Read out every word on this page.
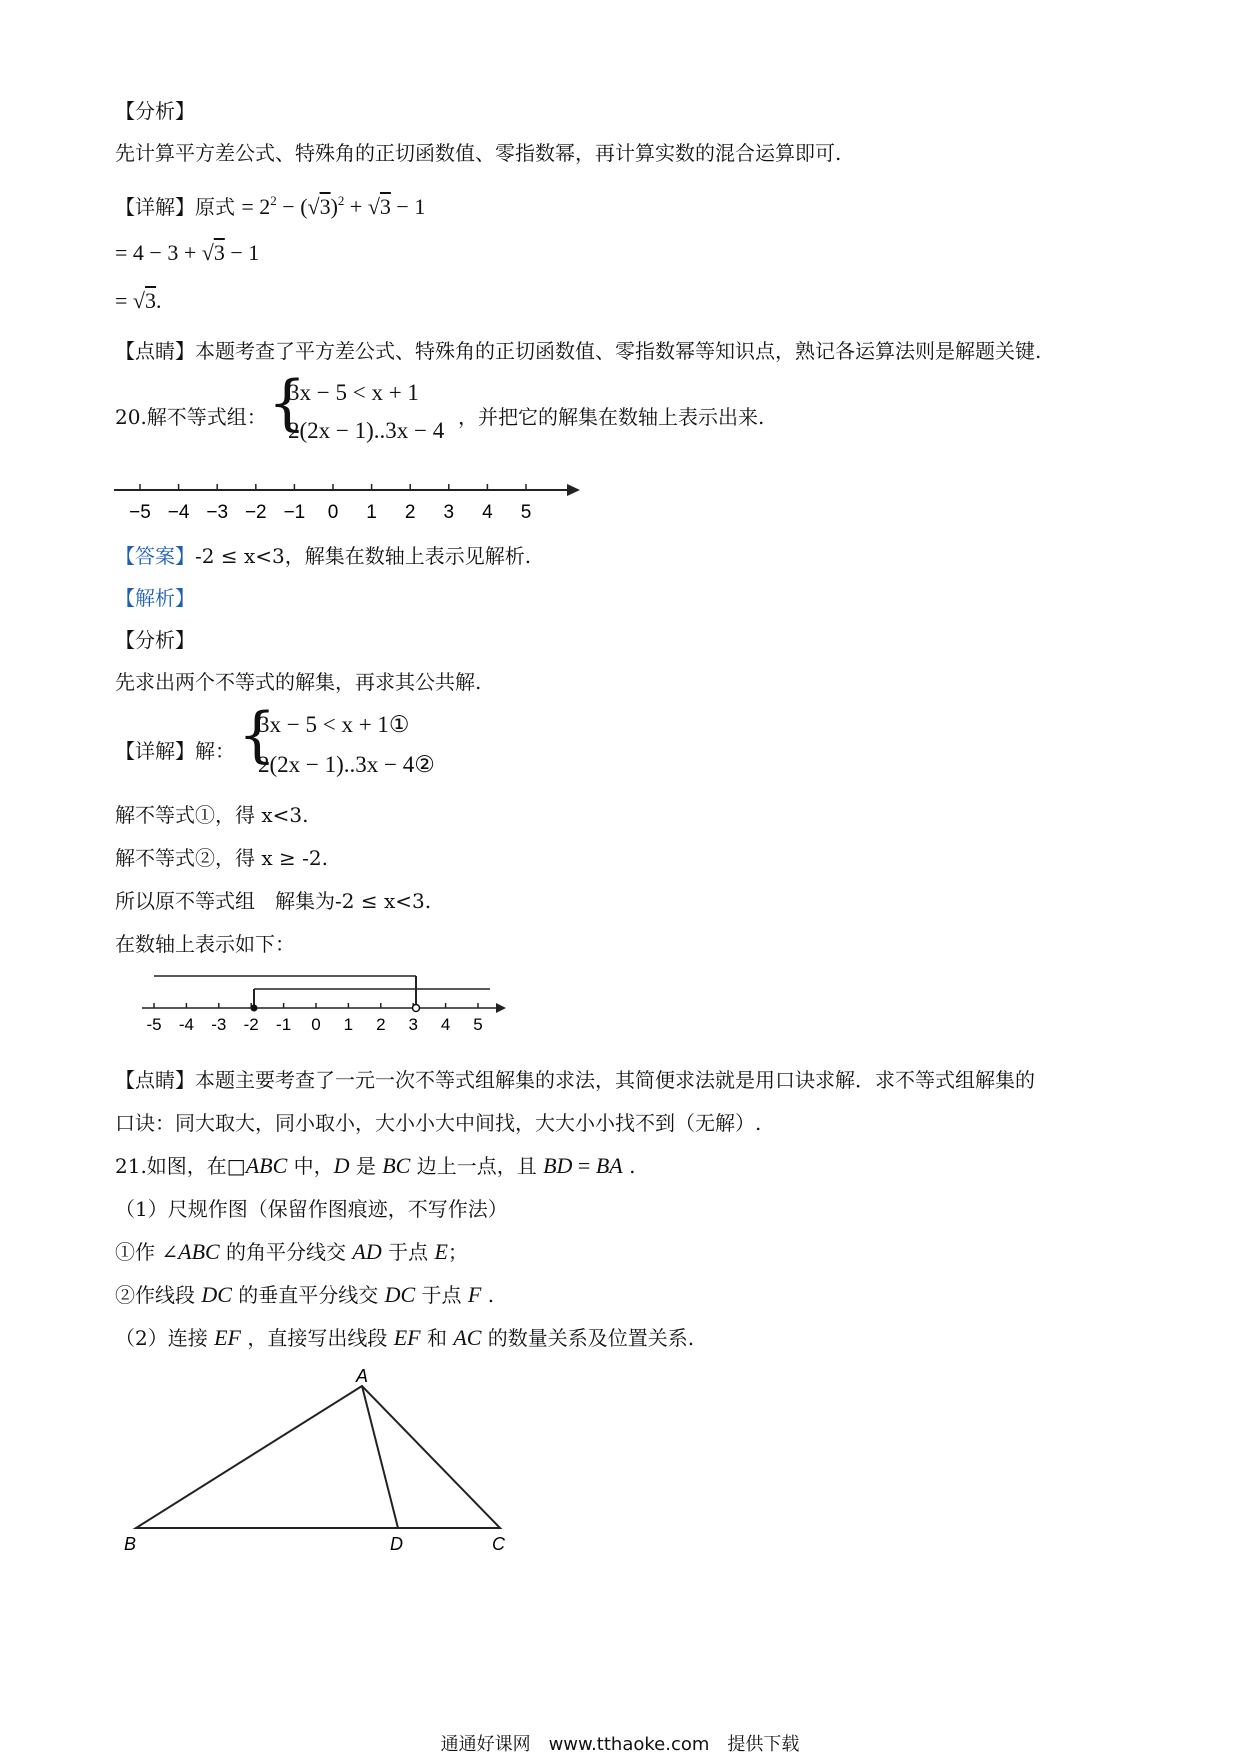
【分析】
先计算平方差公式、特殊角的正切函数值、零指数幂，再计算实数的混合运算即可.
【详解】原式 = $2^2 - (√3)^2 + √3 - 1$
= 4 − 3 + √3 − 1
= √3.
【点睛】本题考查了平方差公式、特殊角的正切函数值、零指数幂等知识点，熟记各运算法则是解题关键.
20.解不等式组： {
3x − 5 < x + 1
2(2x − 1)..3x − 4
，并把它的解集在数轴上表示出来.
−5 −4 −3 −2 −1 0 1 2 3 4 5
【答案】-2 ≤ x<3，解集在数轴上表示见解析.
【解析】
【分析】
先求出两个不等式的解集，再求其公共解.
【详解】解： {
3x − 5 < x + 1①
2(2x − 1)..3x − 4②
解不等式①，得 x<3.
解不等式②，得 x ≥ -2.
所以原不等式组　解集为-2 ≤ x<3.
在数轴上表示如下：
-5 -4 -3 -2 -1 0 1 2 3 4 5
【点睛】本题主要考查了一元一次不等式组解集的求法，其简便求法就是用口诀求解．求不等式组解集的
口诀：同大取大，同小取小，大小小大中间找，大大小小找不到（无解）.
21.如图，在□ABC 中，D 是 BC 边上一点，且 BD = BA .
（1）尺规作图（保留作图痕迹，不写作法）
①作 ∠ABC 的角平分线交 AD 于点 E；
②作线段 DC 的垂直平分线交 DC 于点 F .
（2）连接 EF ，直接写出线段 EF 和 AC 的数量关系及位置关系.
A
B	D	C
通通好课网　www.tthaoke.com　提供下载
